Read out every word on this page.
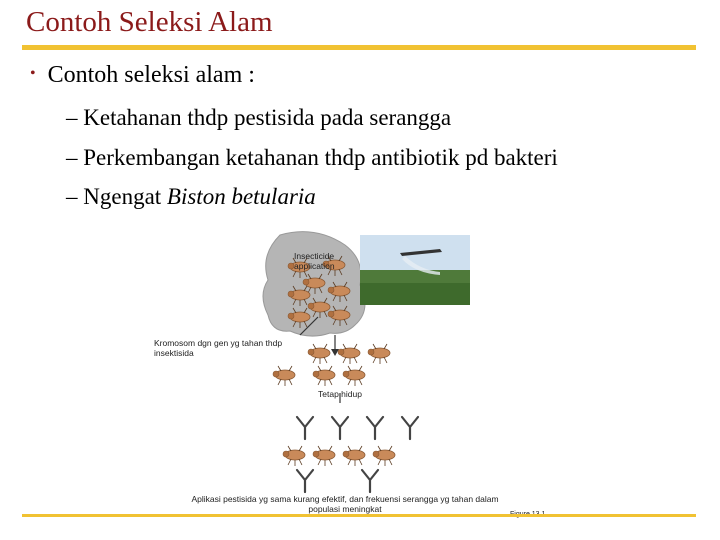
Contoh Seleksi Alam
• Contoh seleksi alam :
– Ketahanan thdp pestisida pada serangga
– Perkembangan ketahanan thdp antibiotik pd bakteri
– Ngengat Biston betularia
Insecticide
application
Kromosom dgn gen yg tahan thdp
insektisida
Tetap hidup
Aplikasi pestisida yg sama kurang efektif, dan frekuensi serangga yg tahan dalam
populasi meningkat
